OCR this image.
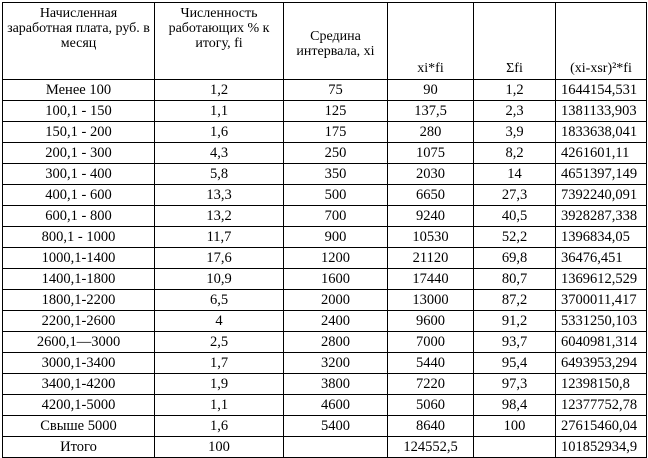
Начисленная заработная плата, руб. в месяц	Численность работающих % к итогу, fi	Средина интервала, xi	xi*fi	Σfi	(xi-xsr)²*fi
Менее 100	1,2	75	90	1,2	1644154,531
100,1 - 150	1,1	125	137,5	2,3	1381133,903
150,1 - 200	1,6	175	280	3,9	1833638,041
200,1 - 300	4,3	250	1075	8,2	4261601,11
300,1 - 400	5,8	350	2030	14	4651397,149
400,1 - 600	13,3	500	6650	27,3	7392240,091
600,1 - 800	13,2	700	9240	40,5	3928287,338
800,1 - 1000	11,7	900	10530	52,2	1396834,05
1000,1-1400	17,6	1200	21120	69,8	36476,451
1400,1-1800	10,9	1600	17440	80,7	1369612,529
1800,1-2200	6,5	2000	13000	87,2	3700011,417
2200,1-2600	4	2400	9600	91,2	5331250,103
2600,1—3000	2,5	2800	7000	93,7	6040981,314
3000,1-3400	1,7	3200	5440	95,4	6493953,294
3400,1-4200	1,9	3800	7220	97,3	12398150,8
4200,1-5000	1,1	4600	5060	98,4	12377752,78
Свыше 5000	1,6	5400	8640	100	27615460,04
Итого	100		124552,5		101852934,9
